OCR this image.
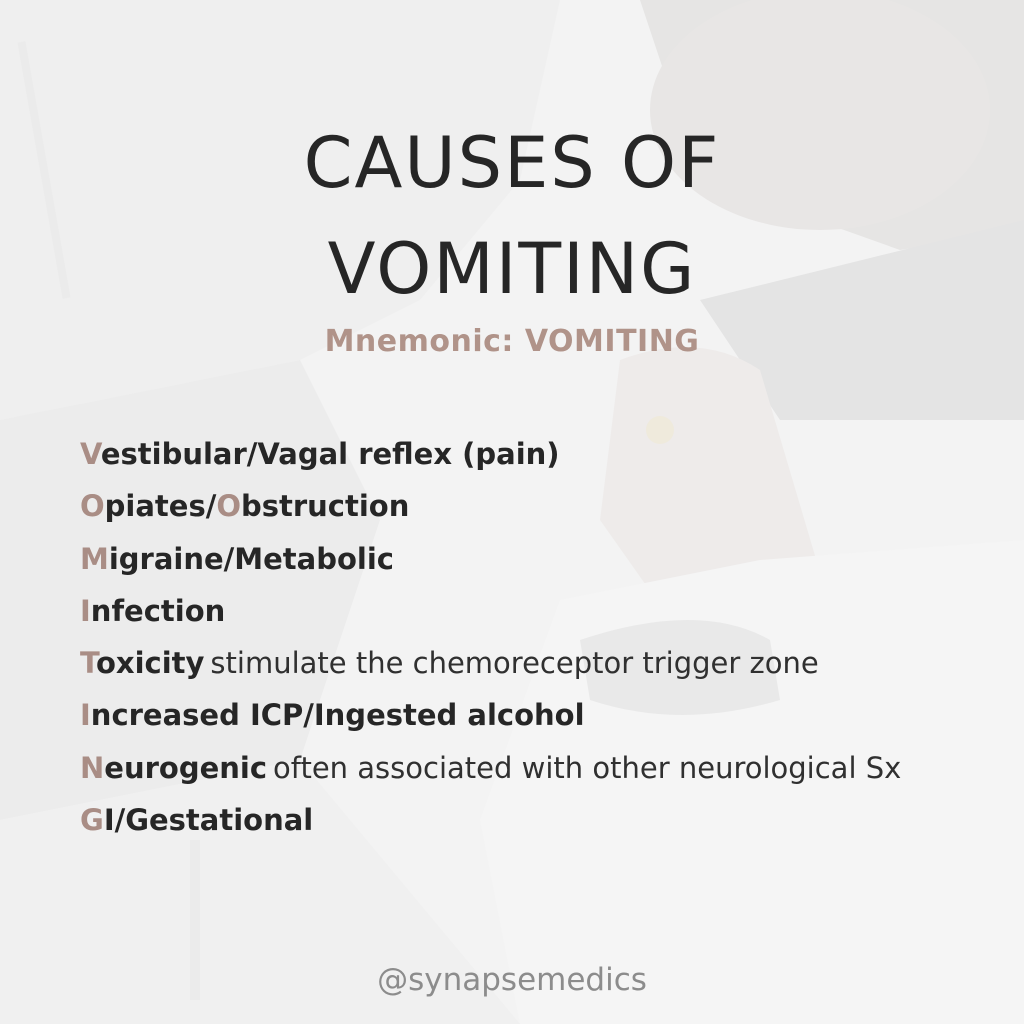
CAUSES OF
VOMITING
Mnemonic: VOMITING
Vestibular/Vagal reflex (pain)
Opiates/Obstruction
Migraine/Metabolic
Infection
Toxicity stimulate the chemoreceptor trigger zone
Increased ICP/Ingested alcohol
Neurogenic often associated with other neurological Sx
GI/Gestational
@synapsemedics
